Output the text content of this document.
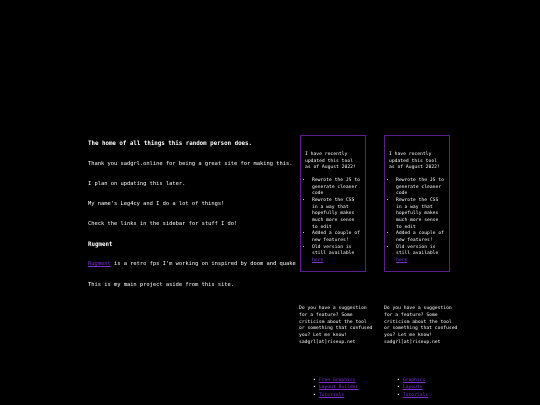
The home of all things this random person does.

Thank you sadgrl.online for being a great site for making this.

I plan on updating this later.

My name's Leg4cy and I do a lot of things!

Check the links in the sidebar for stuff I do!

Rugment

Rugment is a retro fps I'm working on inspired by doom and quake

This is my main project aside from this site.

I have recently updated this tool as of August 2022!

• Rewrote the JS to generate cleaner code
• Rewrote the CSS in a way that hopefully makes much more sense to edit
• Added a couple of new features!
• Old version is still available here

I have recently updated this tool as of August 2022!

• Rewrote the JS to generate cleaner code
• Rewrote the CSS in a way that hopefully makes much more sense to edit
• Added a couple of new features!
• Old version is still available here
Do you have a suggestion for a feature? Some criticism about the tool or something that confused you? Let me know! sadgrl[at]riseup.net
Do you have a suggestion for a feature? Some criticism about the tool or something that confused you? Let me know! sadgrl[at]riseup.net
• Free Graphics
• Layout Builder
• Tutorials
• Graphics
• Layouts
• Tutorials
